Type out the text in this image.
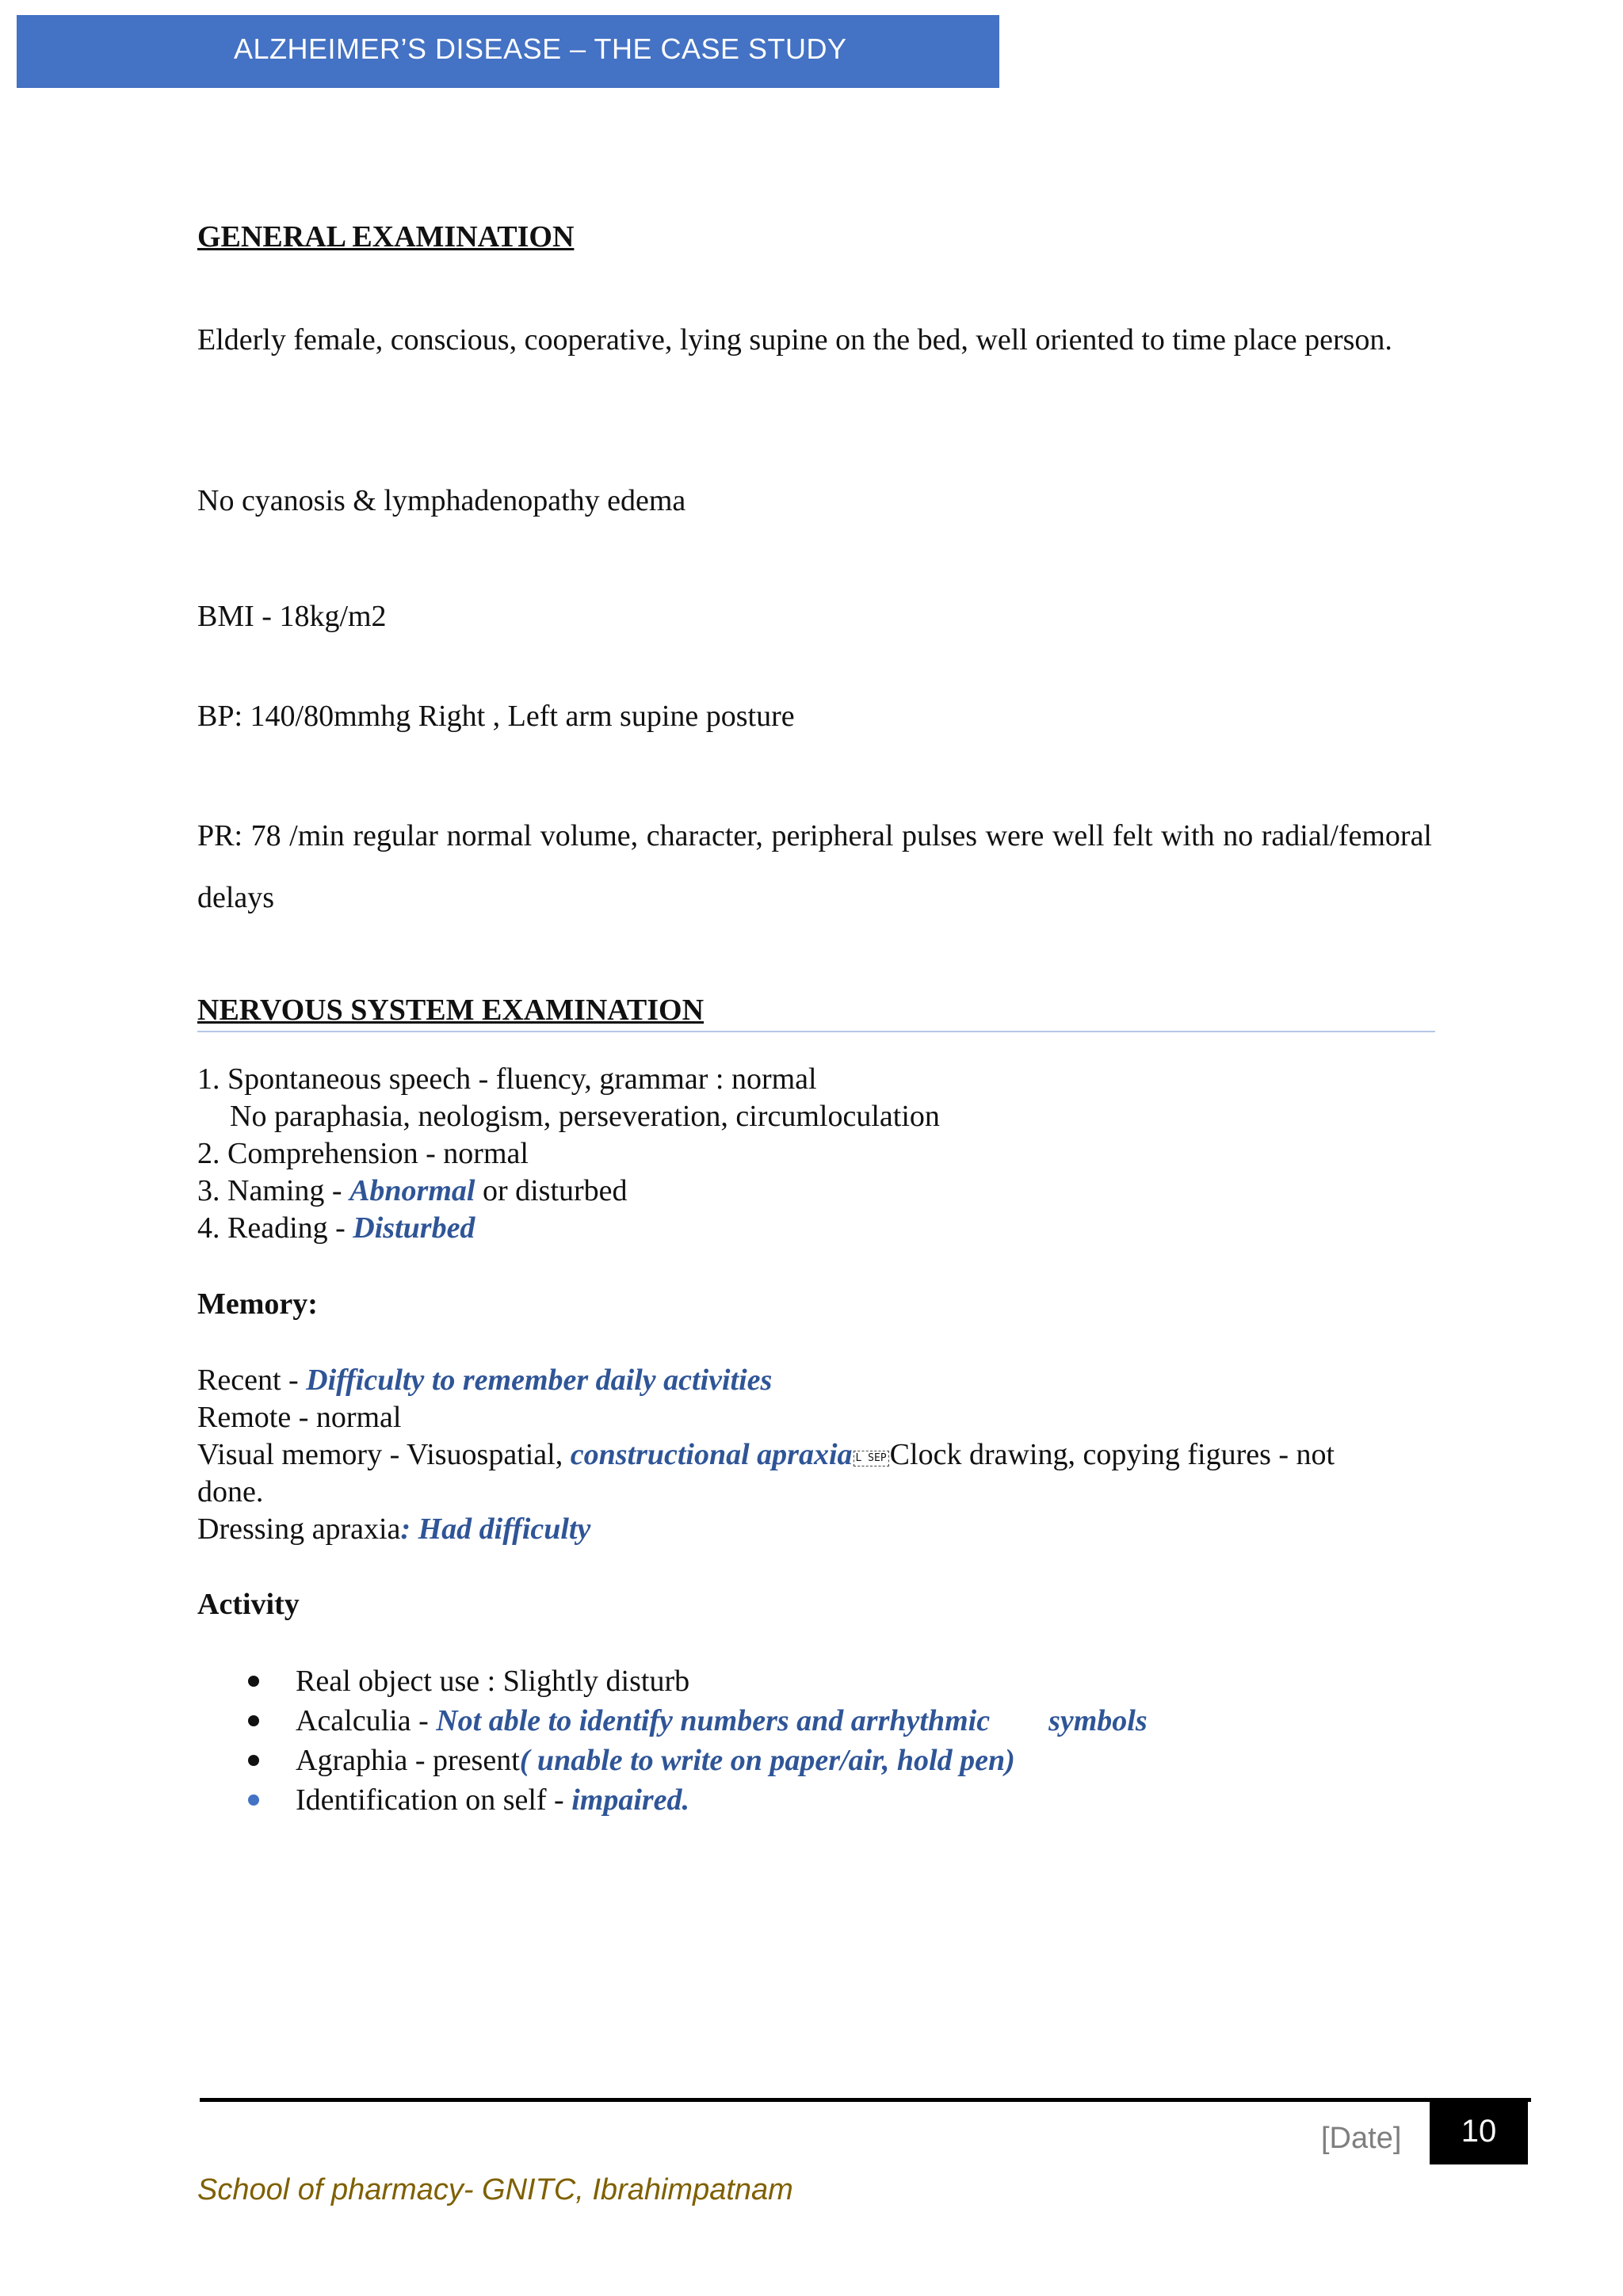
ALZHEIMER’S DISEASE – THE CASE STUDY

GENERAL EXAMINATION

Elderly female, conscious, cooperative, lying supine on the bed, well oriented to time place person.

No cyanosis & lymphadenopathy edema

BMI - 18kg/m2

BP: 140/80mmhg Right , Left arm supine posture

PR: 78 /min regular normal volume, character, peripheral pulses were well felt with no radial/femoral delays

NERVOUS SYSTEM EXAMINATION

1. Spontaneous speech - fluency, grammar : normal

No paraphasia, neologism, perseveration, circumloculation

2. Comprehension - normal

3. Naming - Abnormal or disturbed

4. Reading - Disturbed

Memory:

Recent - Difficulty to remember daily activities

Remote - normal

Visual memory - Visuospatial, constructional apraxia L SEP Clock drawing, copying figures - not

done.

Dressing apraxia: Had difficulty

Activity

Real object use : Slightly disturb
Acalculia - Not able to identify numbers and arrhythmic symbols
Agraphia - present( unable to write on paper/air, hold pen)
Identification on self - impaired.

[Date] 10

School of pharmacy- GNITC, Ibrahimpatnam
